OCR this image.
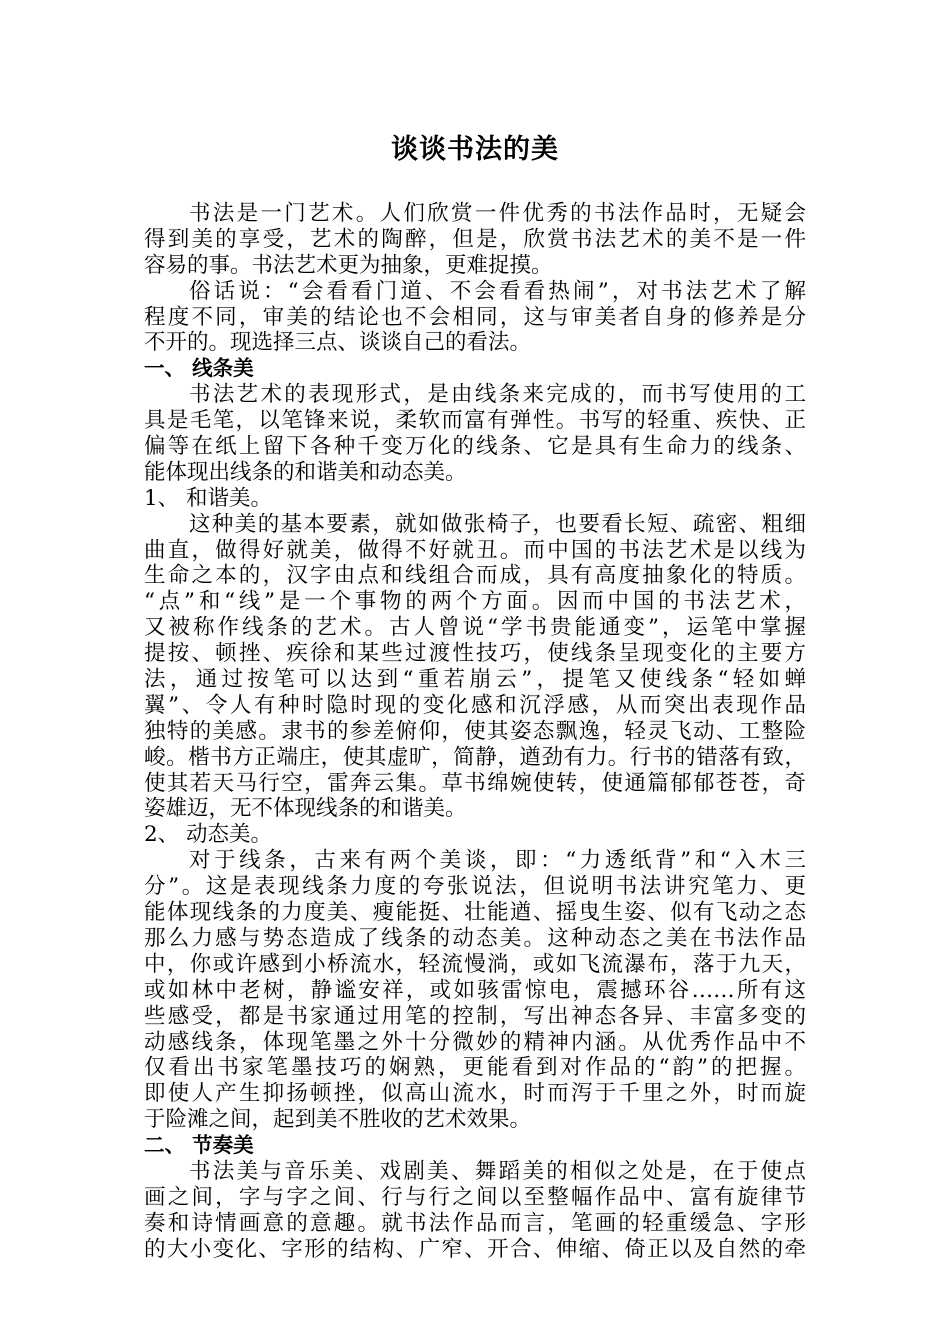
谈谈书法的美
书法是一门艺术。人们欣赏一件优秀的书法作品时，无疑会
得到美的享受，艺术的陶醉，但是，欣赏书法艺术的美不是一件
容易的事。书法艺术更为抽象，更难捉摸。
俗话说：“会看看门道、不会看看热闹”，对书法艺术了解
程度不同，审美的结论也不会相同，这与审美者自身的修养是分
不开的。现选择三点、谈谈自己的看法。
一、 线条美
书法艺术的表现形式，是由线条来完成的，而书写使用的工
具是毛笔，以笔锋来说，柔软而富有弹性。书写的轻重、疾快、正
偏等在纸上留下各种千变万化的线条、它是具有生命力的线条、
能体现出线条的和谐美和动态美。
1、 和谐美。
这种美的基本要素，就如做张椅子，也要看长短、疏密、粗细
曲直，做得好就美，做得不好就丑。而中国的书法艺术是以线为
生命之本的，汉字由点和线组合而成，具有高度抽象化的特质。
“点”和“线”是一个事物的两个方面。因而中国的书法艺术，
又被称作线条的艺术。古人曾说“学书贵能通变”，运笔中掌握
提按、顿挫、疾徐和某些过渡性技巧，使线条呈现变化的主要方
法，通过按笔可以达到“重若崩云”，提笔又使线条“轻如蝉
翼”、令人有种时隐时现的变化感和沉浮感，从而突出表现作品
独特的美感。隶书的参差俯仰，使其姿态飘逸，轻灵飞动、工整险
峻。楷书方正端庄，使其虚旷，简静，遒劲有力。行书的错落有致，
使其若天马行空，雷奔云集。草书绵婉使转，使通篇郁郁苍苍，奇
姿雄迈，无不体现线条的和谐美。
2、 动态美。
对于线条，古来有两个美谈，即：“力透纸背”和“入木三
分”。这是表现线条力度的夸张说法，但说明书法讲究笔力、更
能体现线条的力度美、瘦能挺、壮能遒、摇曳生姿、似有飞动之态
那么力感与势态造成了线条的动态美。这种动态之美在书法作品
中，你或许感到小桥流水，轻流慢淌，或如飞流瀑布，落于九天，
或如林中老树，静谧安祥，或如骇雷惊电，震撼环谷……所有这
些感受，都是书家通过用笔的控制，写出神态各异、丰富多变的
动感线条，体现笔墨之外十分微妙的精神内涵。从优秀作品中不
仅看出书家笔墨技巧的娴熟，更能看到对作品的“韵”的把握。
即使人产生抑扬顿挫，似高山流水，时而泻于千里之外，时而旋
于险滩之间，起到美不胜收的艺术效果。
二、 节奏美
书法美与音乐美、戏剧美、舞蹈美的相似之处是，在于使点
画之间，字与字之间、行与行之间以至整幅作品中、富有旋律节
奏和诗情画意的意趣。就书法作品而言，笔画的轻重缓急、字形
的大小变化、字形的结构、广窄、开合、伸缩、倚正以及自然的牵
